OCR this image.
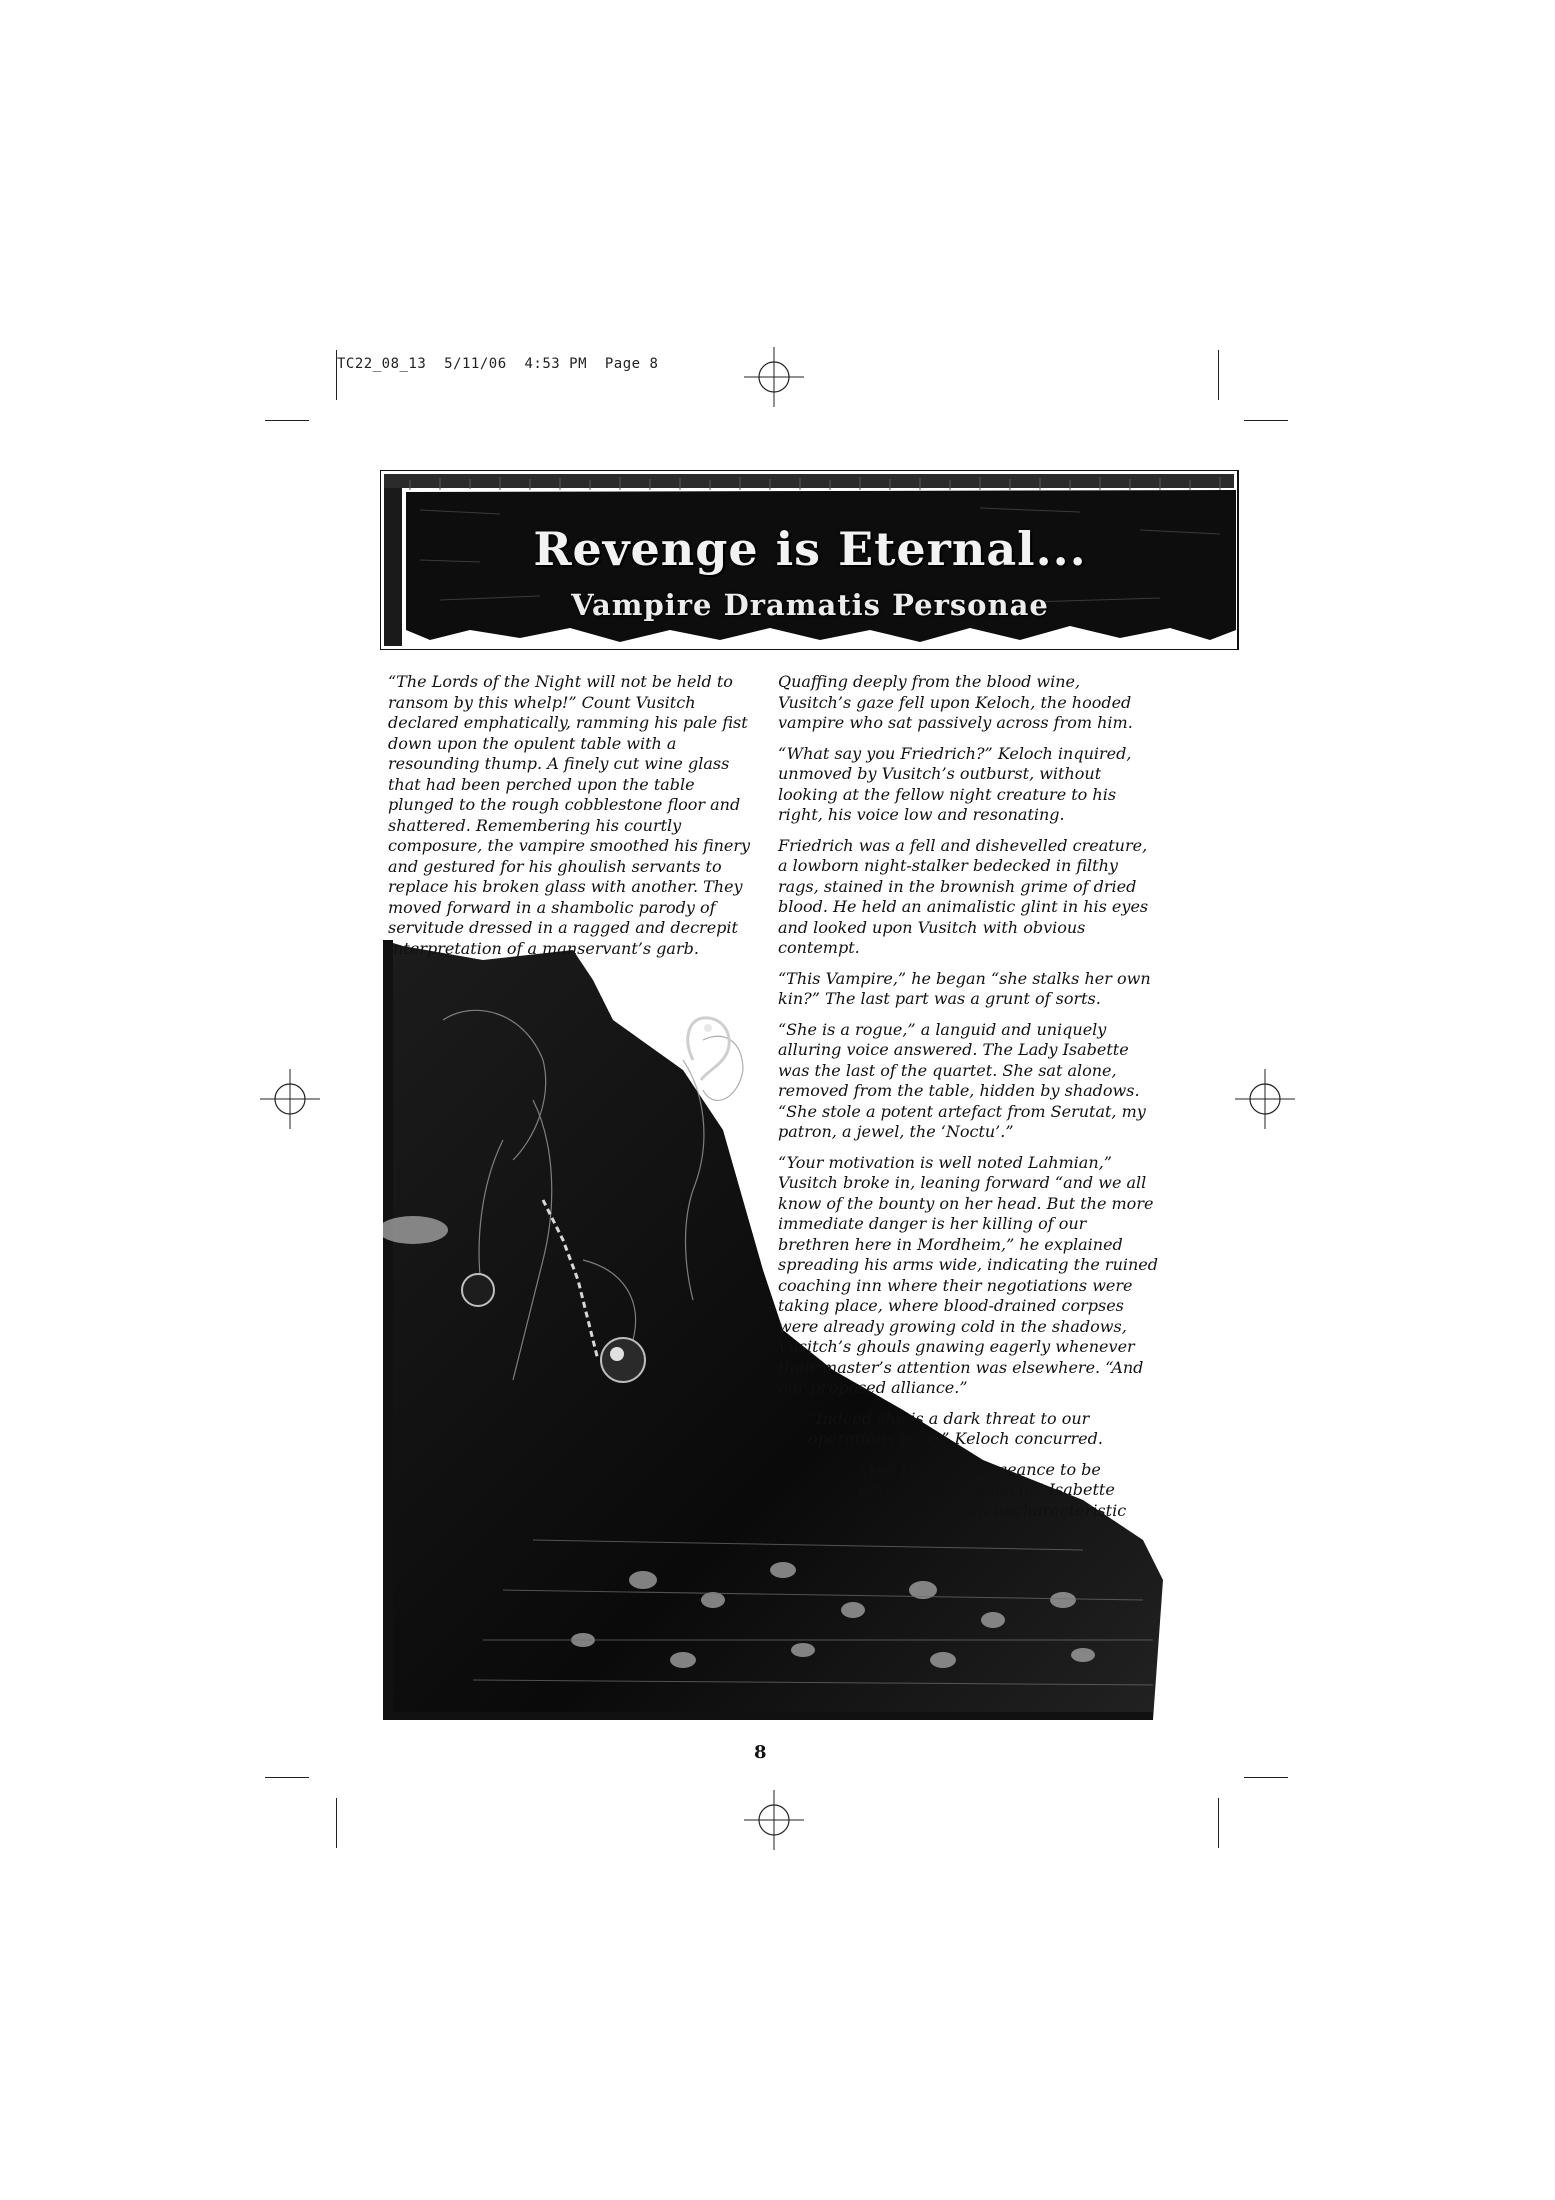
TC22_08_13  5/11/06  4:53 PM  Page 8
Revenge is Eternal...
Vampire Dramatis Personae

“The Lords of the Night will not be held to ransom by this whelp!” Count Vusitch declared emphatically, ramming his pale fist down upon the opulent table with a resounding thump. A finely cut wine glass that had been perched upon the table plunged to the rough cobblestone floor and shattered. Remembering his courtly composure, the vampire smoothed his finery and gestured for his ghoulish servants to replace his broken glass with another. They moved forward in a shambolic parody of servitude dressed in a ragged and decrepit interpretation of a manservant’s garb.

Quaffing deeply from the blood wine, Vusitch’s gaze fell upon Keloch, the hooded vampire who sat passively across from him.

“What say you Friedrich?” Keloch inquired, unmoved by Vusitch’s outburst, without looking at the fellow night creature to his right, his voice low and resonating.

Friedrich was a fell and dishevelled creature, a lowborn night-stalker bedecked in filthy rags, stained in the brownish grime of dried blood. He held an animalistic glint in his eyes and looked upon Vusitch with obvious contempt.

“This Vampire,” he began “she stalks her own kin?” The last part was a grunt of sorts.

“She is a rogue,” a languid and uniquely alluring voice answered. The Lady Isabette was the last of the quartet. She sat alone, removed from the table, hidden by shadows. “She stole a potent artefact from Serutat, my patron, a jewel, the ‘Noctu’.”

“Your motivation is well noted Lahmian,” Vusitch broke in, leaning forward “and we all know of the bounty on her head. But the more immediate danger is her killing of our brethren here in Mordheim,” he explained spreading his arms wide, indicating the ruined coaching inn where their negotiations were taking place, where blood-drained corpses were already growing cold in the shadows, Vusitch’s ghouls gnawing eagerly whenever their master’s attention was elsewhere. “And our proposed alliance.”

“Indeed she is a dark threat to our operations here,” Keloch concurred.

“And there is vengeance to be wrought also, Keloch!” Isabette demanded in an uncharacteristic show

8
